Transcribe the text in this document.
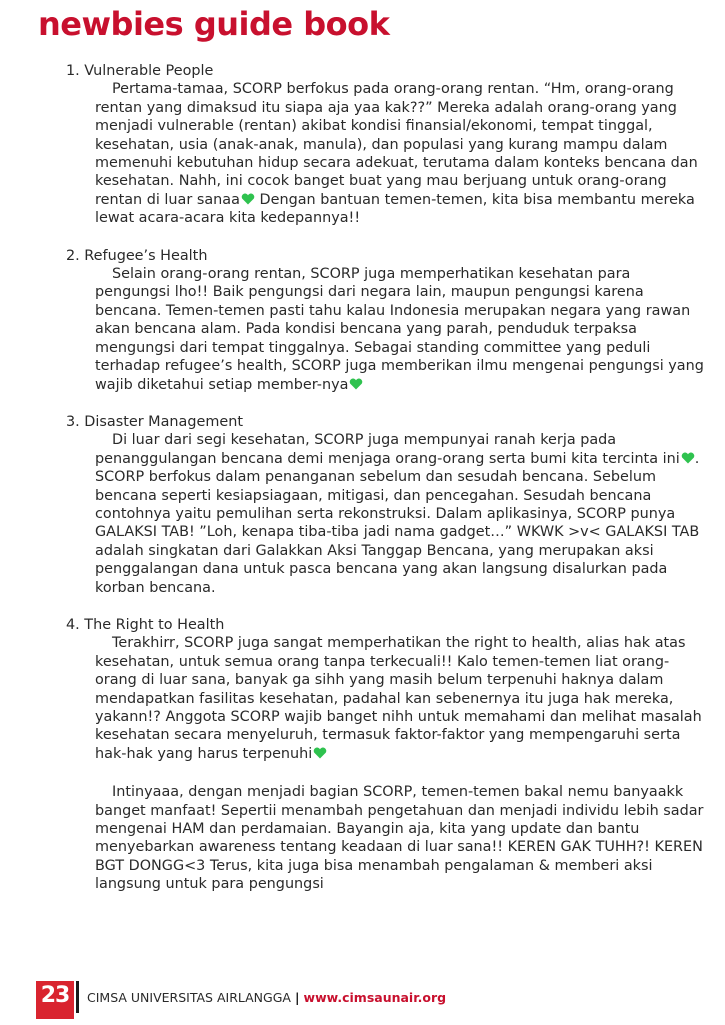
newbies guide book

1. Vulnerable People

Pertama-tamaa, SCORP berfokus pada orang-orang rentan. “Hm, orang-orang rentan yang dimaksud itu siapa aja yaa kak??” Mereka adalah orang-orang yang menjadi vulnerable (rentan) akibat kondisi finansial/ekonomi, tempat tinggal, kesehatan, usia (anak-anak, manula), dan populasi yang kurang mampu dalam memenuhi kebutuhan hidup secara adekuat, terutama dalam konteks bencana dan kesehatan. Nahh, ini cocok banget buat yang mau berjuang untuk orang-orang rentan di luar sanaa
Dengan bantuan temen-temen, kita bisa membantu mereka lewat acara-acara kita kedepannya!!

2. Refugee’s Health

Selain orang-orang rentan, SCORP juga memperhatikan kesehatan para pengungsi lho!! Baik pengungsi dari negara lain, maupun pengungsi karena bencana. Temen-temen pasti tahu kalau Indonesia merupakan negara yang rawan akan bencana alam. Pada kondisi bencana yang parah, penduduk terpaksa mengungsi dari tempat tinggalnya. Sebagai standing committee yang peduli terhadap refugee’s health, SCORP juga memberikan ilmu mengenai pengungsi yang wajib diketahui setiap member-nya

3. Disaster Management

Di luar dari segi kesehatan, SCORP juga mempunyai ranah kerja pada penanggulangan bencana demi menjaga orang-orang serta bumi kita tercinta ini . SCORP berfokus dalam penanganan sebelum dan sesudah bencana. Sebelum bencana seperti kesiapsiagaan, mitigasi, dan pencegahan. Sesudah bencana contohnya yaitu pemulihan serta rekonstruksi. Dalam aplikasinya, SCORP punya GALAKSI TAB! ”Loh, kenapa tiba-tiba jadi nama gadget…” WKWK >v< GALAKSI TAB adalah singkatan dari Galakkan Aksi Tanggap Bencana, yang merupakan aksi penggalangan dana untuk pasca bencana yang akan langsung disalurkan pada korban bencana.

4. The Right to Health

Terakhirr, SCORP juga sangat memperhatikan the right to health, alias hak atas kesehatan, untuk semua orang tanpa terkecuali!! Kalo temen-temen liat orang-orang di luar sana, banyak ga sihh yang masih belum terpenuhi haknya dalam mendapatkan fasilitas kesehatan, padahal kan sebenernya itu juga hak mereka, yakann!? Anggota SCORP wajib banget nihh untuk memahami dan melihat masalah kesehatan secara menyeluruh, termasuk faktor-faktor yang mempengaruhi serta hak-hak yang harus terpenuhi

Intinyaaa, dengan menjadi bagian SCORP, temen-temen bakal nemu banyaakk banget manfaat! Sepertii menambah pengetahuan dan menjadi individu lebih sadar mengenai HAM dan perdamaian. Bayangin aja, kita yang update dan bantu menyebarkan awareness tentang keadaan di luar sana!! KEREN GAK TUHH?! KEREN BGT DONGG<3 Terus, kita juga bisa menambah pengalaman & memberi aksi langsung untuk para pengungsi

23	CIMSA UNIVERSITAS AIRLANGGA | www.cimsaunair.org
